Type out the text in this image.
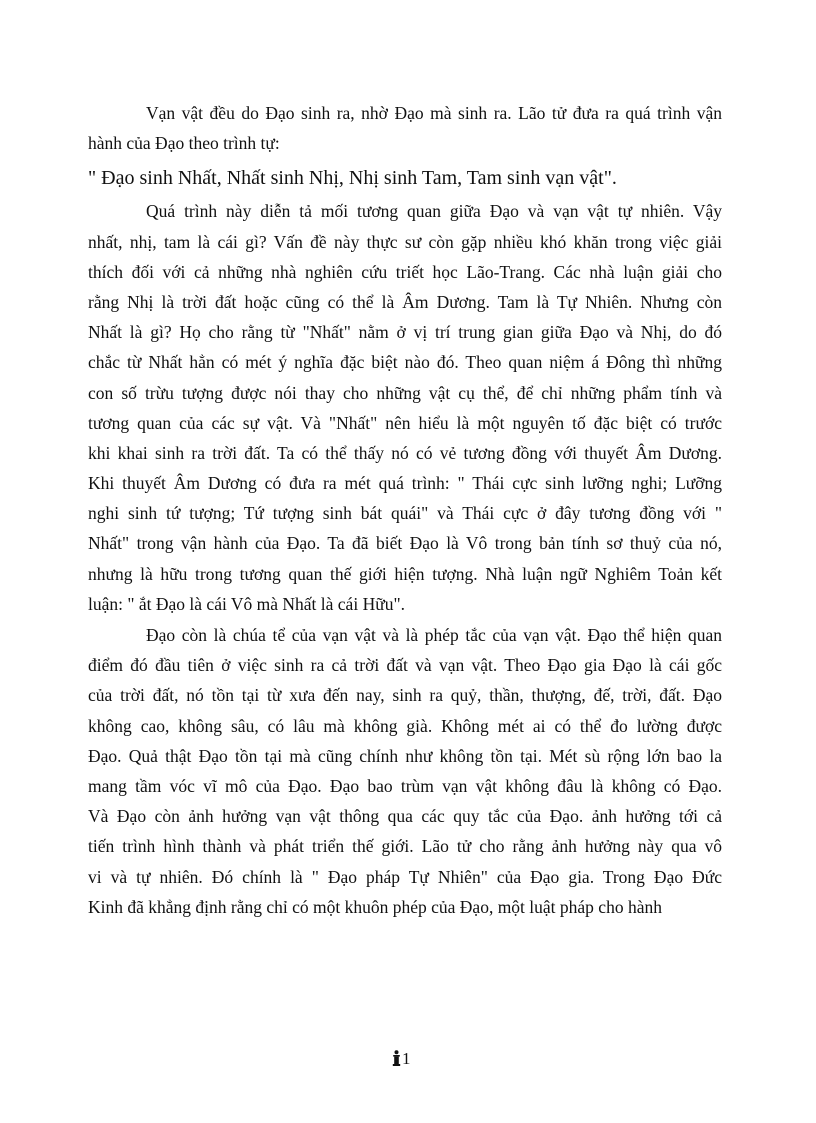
Vạn vật đều do Đạo sinh ra, nhờ Đạo mà sinh ra. Lão tử đưa ra quá trình vận
hành của Đạo theo trình tự:
" Đạo sinh Nhất, Nhất sinh Nhị, Nhị sinh Tam, Tam sinh vạn vật".
Quá trình này diễn tả mối tương quan giữa Đạo và vạn vật tự nhiên. Vậy
nhất, nhị, tam là cái gì? Vấn đề này thực sư còn gặp nhiều khó khăn trong việc giải
thích đối với cả những nhà nghiên cứu triết học Lão-Trang. Các nhà luận giải cho
rằng Nhị là trời đất hoặc cũng có thể là Âm Dương. Tam là Tự Nhiên. Nhưng còn
Nhất là gì? Họ cho rằng từ "Nhất" nằm ở vị trí trung gian giữa Đạo và Nhị, do đó
chắc từ Nhất hẳn có mét ý nghĩa đặc biệt nào đó. Theo quan niệm á Đông thì những
con số trừu tượng được nói thay cho những vật cụ thể, để chỉ những phẩm tính và
tương quan của các sự vật. Và "Nhất" nên hiểu là một nguyên tố đặc biệt có trước
khi khai sinh ra trời đất. Ta có thể thấy nó có vẻ tương đồng với thuyết Âm Dương.
Khi thuyết Âm Dương có đưa ra mét quá trình: " Thái cực sinh lưỡng nghi; Lưỡng
nghi sinh tứ tượng; Tứ tượng sinh bát quái" và Thái cực ở đây tương đồng với "
Nhất" trong vận hành của Đạo. Ta đã biết Đạo là Vô trong bản tính sơ thuỷ của nó,
nhưng là hữu trong tương quan thế giới hiện tượng. Nhà luận ngữ Nghiêm Toản kết
luận: " ắt Đạo là cái Vô mà Nhất là cái Hữu".
Đạo còn là chúa tể của vạn vật và là phép tắc của vạn vật. Đạo thể hiện quan
điểm đó đầu tiên ở việc sinh ra cả trời đất và vạn vật. Theo Đạo gia Đạo là cái gốc
của trời đất, nó tồn tại từ xưa đến nay, sinh ra quỷ, thần, thượng, đế, trời, đất. Đạo
không cao, không sâu, có lâu mà không già. Không mét ai có thể đo lường được
Đạo. Quả thật Đạo tồn tại mà cũng chính như không tồn tại. Mét sù rộng lớn bao la
mang tầm vóc vĩ mô của Đạo. Đạo bao trùm vạn vật không đâu là không có Đạo.
Và Đạo còn ảnh hưởng vạn vật thông qua các quy tắc của Đạo. ảnh hưởng tới cả
tiến trình hình thành và phát triển thế giới. Lão tử cho rằng ảnh hưởng này qua vô
vi và tự nhiên. Đó chính là " Đạo pháp Tự Nhiên" của Đạo gia. Trong Đạo Đức
Kinh đã khẳng định rằng chỉ có một khuôn phép của Đạo, một luật pháp cho hành
1
